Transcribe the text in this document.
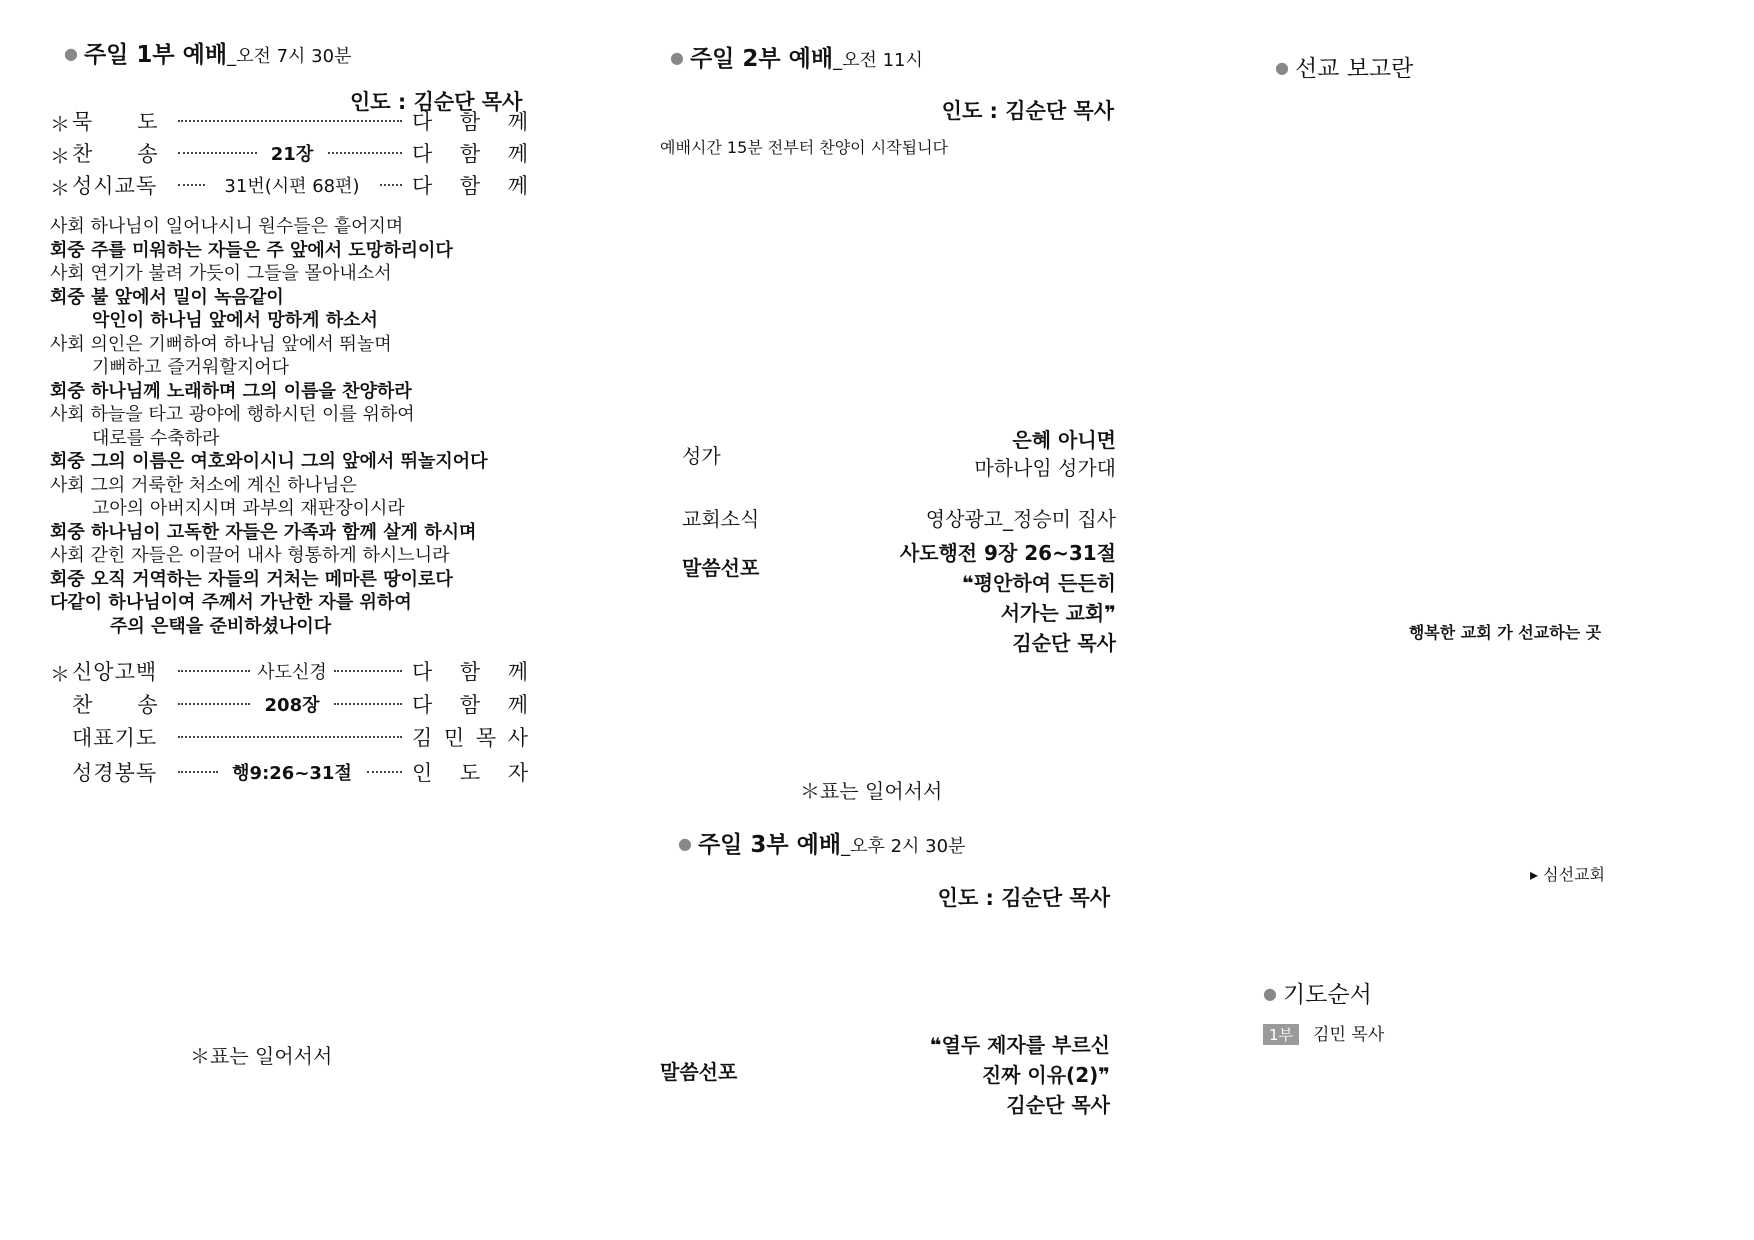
● 주일 1부 예배_오전 7시 30분
인도 : 김순단 목사
＊ 묵　　도	다 함 께
＊ 찬　　송	21장	다 함 께
＊ 성시교독	31번(시편 68편)	다 함 께
사회 하나님이 일어나시니 원수들은 흩어지며
회중 주를 미워하는 자들은 주 앞에서 도망하리이다
사회 연기가 불려 가듯이 그들을 몰아내소서
회중 불 앞에서 밀이 녹음같이
악인이 하나님 앞에서 망하게 하소서
사회 의인은 기뻐하여 하나님 앞에서 뛰놀며
기뻐하고 즐거워할지어다
회중 하나님께 노래하며 그의 이름을 찬양하라
사회 하늘을 타고 광야에 행하시던 이를 위하여
대로를 수축하라
회중 그의 이름은 여호와이시니 그의 앞에서 뛰놀지어다
사회 그의 거룩한 처소에 계신 하나님은
고아의 아버지시며 과부의 재판장이시라
회중 하나님이 고독한 자들은 가족과 함께 살게 하시며
사회 갇힌 자들은 이끌어 내사 형통하게 하시느니라
회중 오직 거역하는 자들의 거처는 메마른 땅이로다
다같이 하나님이여 주께서 가난한 자를 위하여
주의 은택을 준비하셨나이다
＊ 신앙고백	사도신경	다 함 께
찬　　송	208장	다 함 께
대표기도	김 민 목 사
성경봉독	행9:26~31절	인 도 자
＊표는 일어서서
● 주일 2부 예배_오전 11시
인도 : 김순단 목사
예배시간 15분 전부터 찬양이 시작됩니다
성가
은혜 아니면
마하나임 성가대
교회소식	영상광고_정승미 집사
말씀선포
사도행전 9장 26~31절
❝평안하여 든든히
서가는 교회❞
김순단 목사
＊표는 일어서서
● 주일 3부 예배_오후 2시 30분
인도 : 김순단 목사
말씀선포
❝열두 제자를 부르신
진짜 이유(2)❞
김순단 목사
● 선교 보고란
행복한 교회 가 선교하는 곳
▸ 심선교회
● 기도순서
1부 김민 목사
